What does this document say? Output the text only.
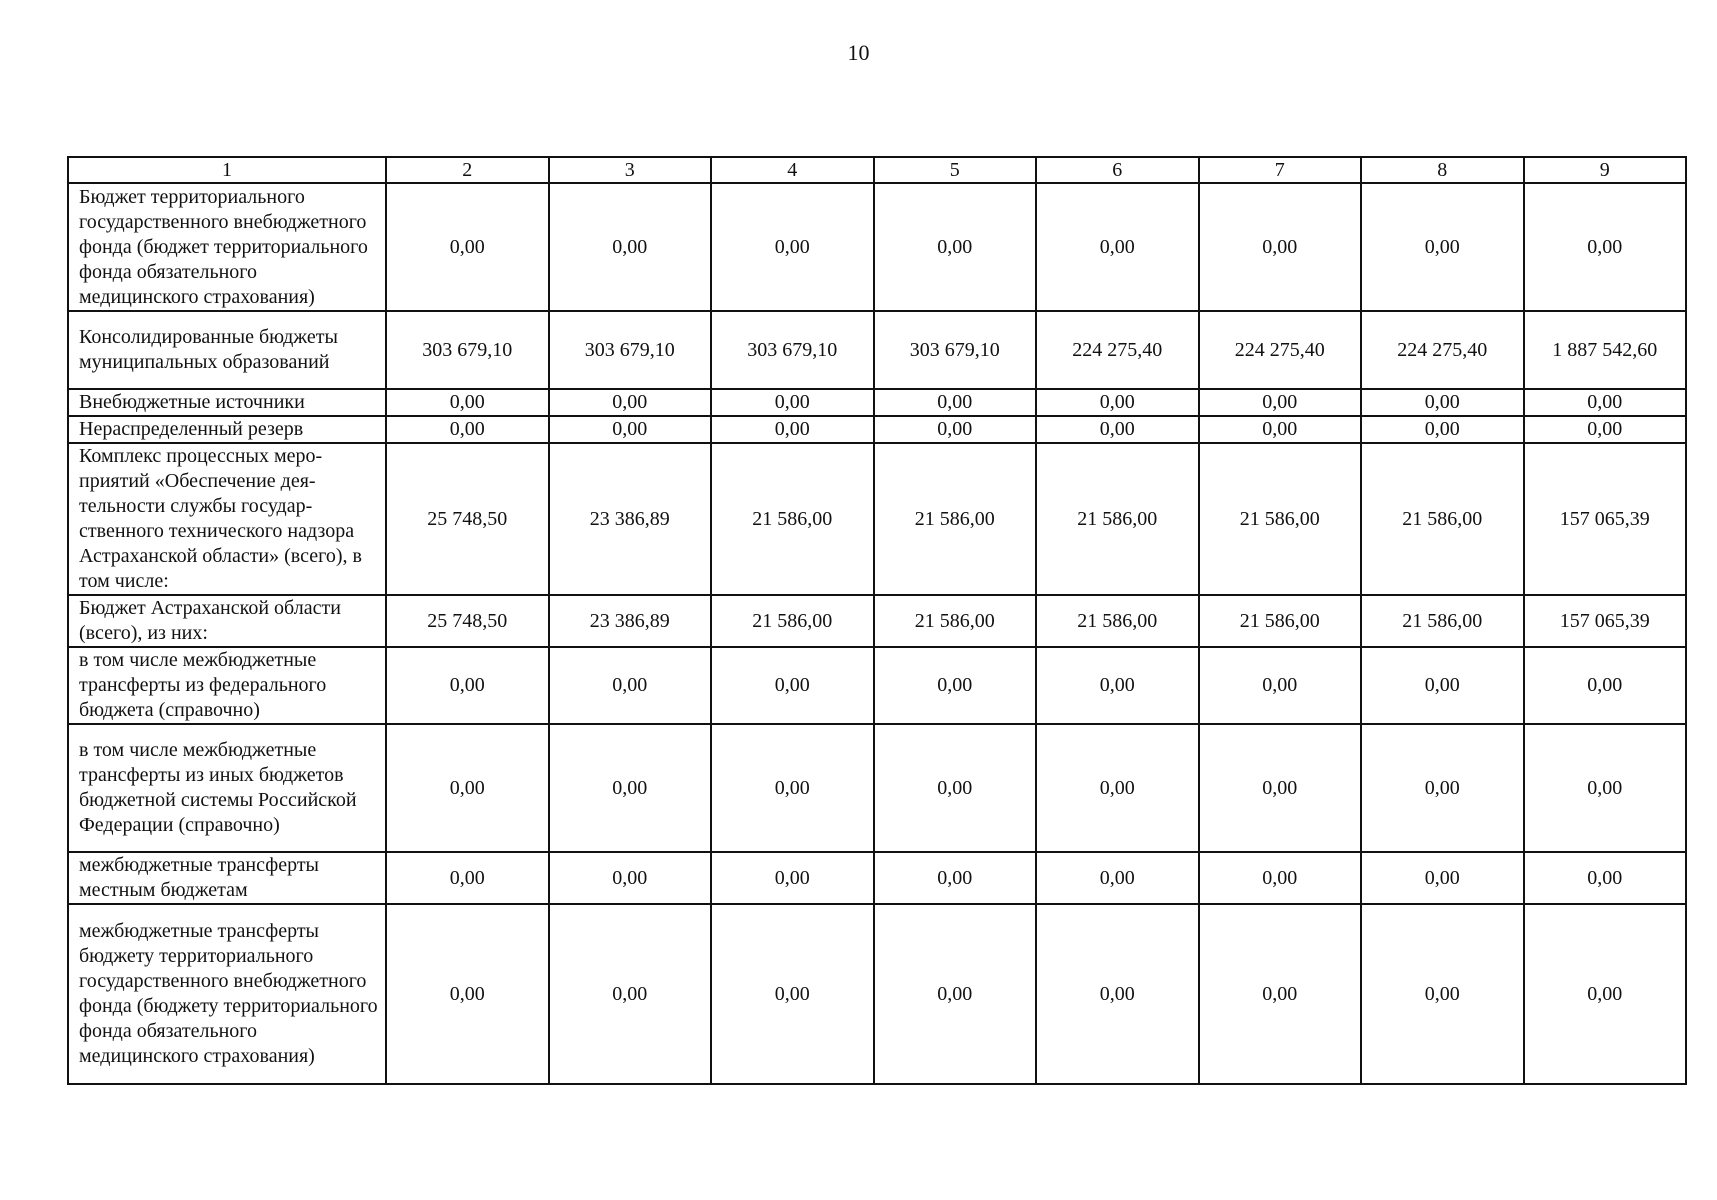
10
1	2	3	4	5	6	7	8	9
Бюджет территориального государственного внебюджетного фонда (бюджет территориального фонда обязательного медицинского страхования)	0,00	0,00	0,00	0,00	0,00	0,00	0,00	0,00
Консолидированные бюджеты муниципальных образований	303 679,10	303 679,10	303 679,10	303 679,10	224 275,40	224 275,40	224 275,40	1 887 542,60
Внебюджетные источники	0,00	0,00	0,00	0,00	0,00	0,00	0,00	0,00
Нераспределенный резерв	0,00	0,00	0,00	0,00	0,00	0,00	0,00	0,00
Комплекс процессных мероприятий «Обеспечение деятельности службы государственного технического надзора Астраханской области» (всего), в том числе:	25 748,50	23 386,89	21 586,00	21 586,00	21 586,00	21 586,00	21 586,00	157 065,39
Бюджет Астраханской области (всего), из них:	25 748,50	23 386,89	21 586,00	21 586,00	21 586,00	21 586,00	21 586,00	157 065,39
в том числе межбюджетные трансферты из федерального бюджета (справочно)	0,00	0,00	0,00	0,00	0,00	0,00	0,00	0,00
в том числе межбюджетные трансферты из иных бюджетов бюджетной системы Российской Федерации (справочно)	0,00	0,00	0,00	0,00	0,00	0,00	0,00	0,00
межбюджетные трансферты местным бюджетам	0,00	0,00	0,00	0,00	0,00	0,00	0,00	0,00
межбюджетные трансферты бюджету территориального государственного внебюджетного фонда (бюджету территориального фонда обязательного медицинского страхования)	0,00	0,00	0,00	0,00	0,00	0,00	0,00	0,00
